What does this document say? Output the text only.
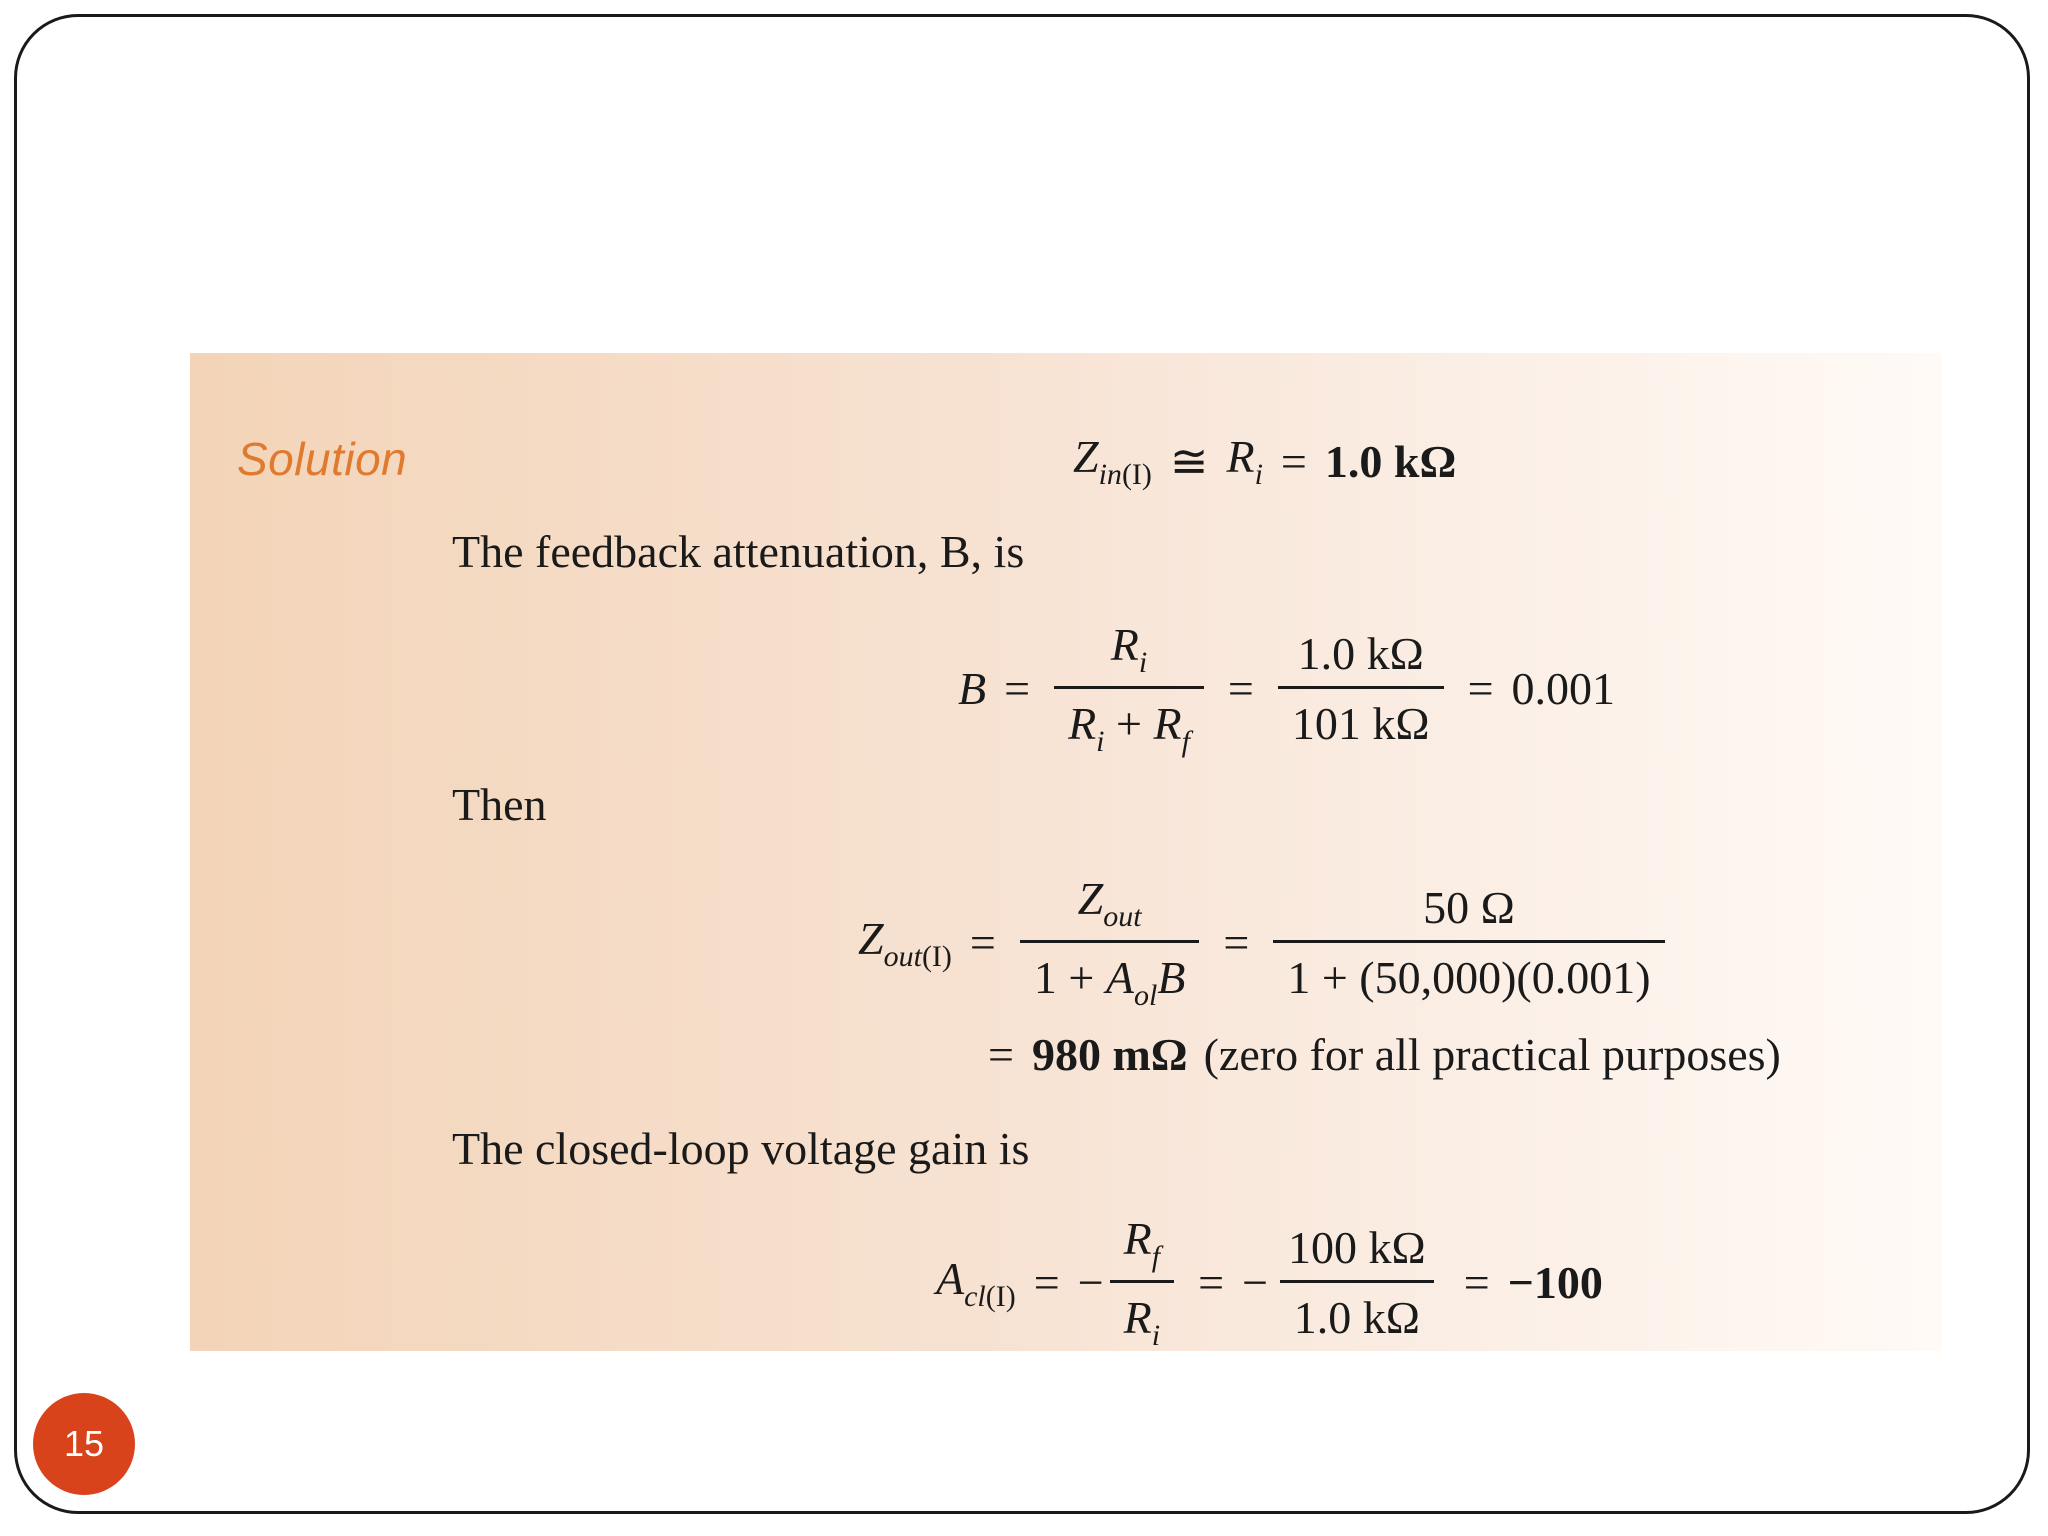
Solution	$Z_{in(I)}$ ≅ $R_i = 1.0$ kΩ
The feedback attenuation, B, is
$B = \frac{R_i}{R_i + R_f} = \frac{1.0 k\Omega}{101 k\Omega} = 0.001$
Then
$Z_{out(I)} = \frac{Z_{out}}{1 + A_{ol}B} = \frac{50 \Omega}{1 + (50,000)(0.001)}$
= 980 mΩ (zero for all practical purposes)
The closed-loop voltage gain is
$A_{cl(I)}$ = − $\frac{R_f}{R_i}$ = − $\frac{100 k\Omega}{1.0 k\Omega} = -100$
15
